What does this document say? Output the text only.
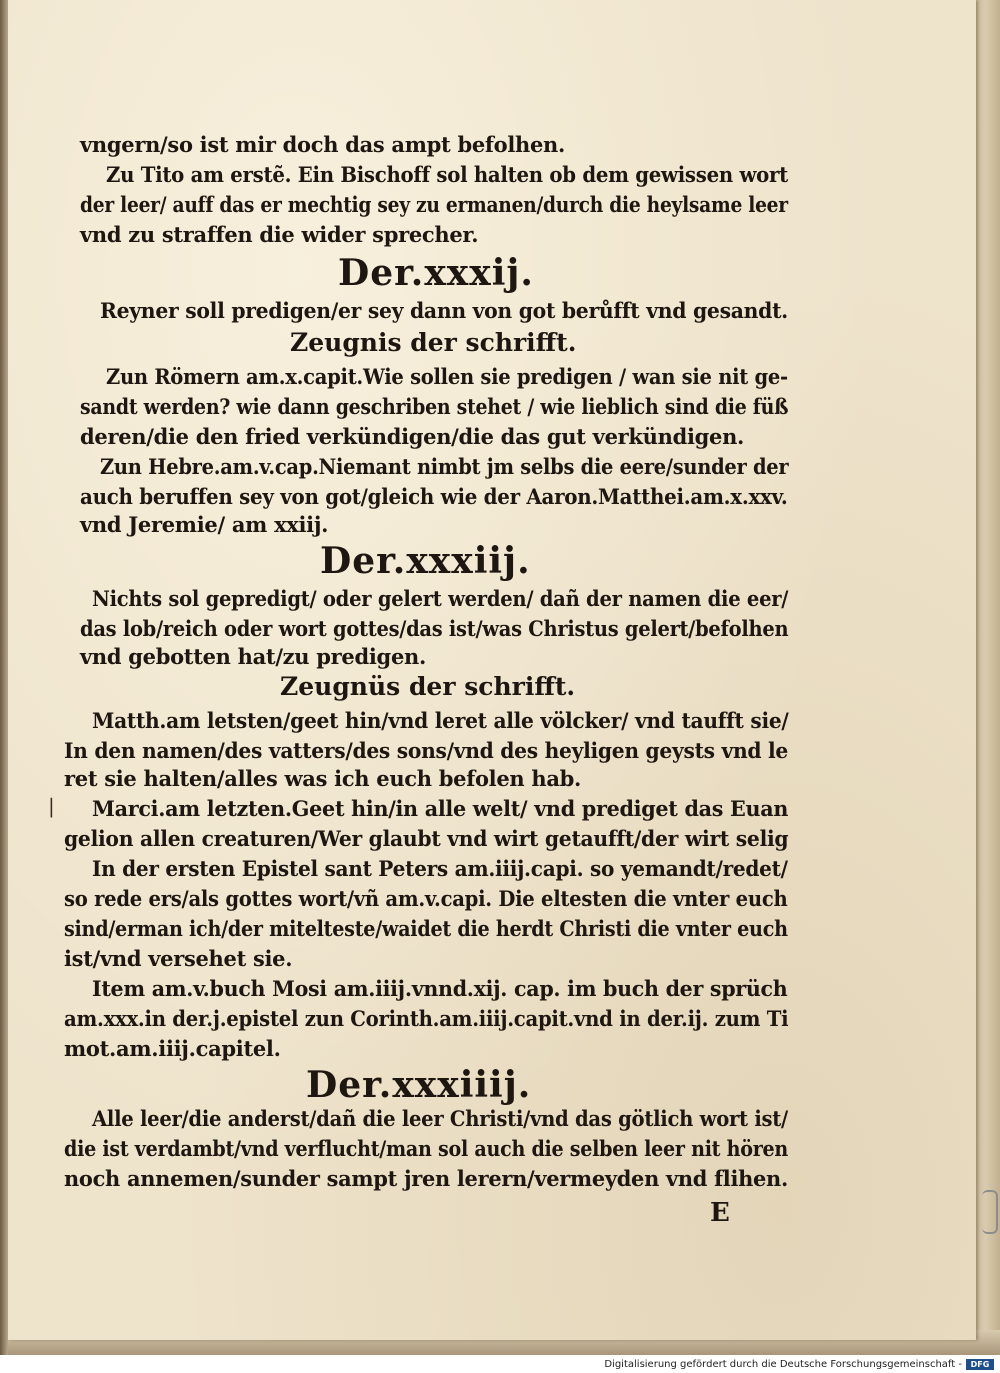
vngern/so ist mir doch das ampt befolhen.
Zu Tito am erstẽ. Ein Bischoff sol halten ob dem gewissen wort
der leer/ auff das er mechtig sey zu ermanen/durch die heylsame leer
vnd zu straffen die wider sprecher.
Der.xxxij.
Reyner soll predigen/er sey dann von got berůfft vnd gesandt.
Zeugnis der schrifft.
Zun Römern am.x.capit.Wie sollen sie predigen / wan sie nit ge-
sandt werden? wie dann geschriben stehet / wie lieblich sind die füß
deren/die den fried verkündigen/die das gut verkündigen.
Zun Hebre.am.v.cap.Niemant nimbt jm selbs die eere/sunder der
auch beruffen sey von got/gleich wie der Aaron.Matthei.am.x.xxv.
vnd Jeremie/ am xxiij.
Der.xxxiij.
Nichts sol gepredigt/ oder gelert werden/ dañ der namen die eer/
das lob/reich oder wort gottes/das ist/was Christus gelert/befolhen
vnd gebotten hat/zu predigen.
Zeugnüs der schrifft.
Matth.am letsten/geet hin/vnd leret alle völcker/ vnd taufft sie/
In den namen/des vatters/des sons/vnd des heyligen geysts vnd le
ret sie halten/alles was ich euch befolen hab.
| Marci.am letzten.Geet hin/in alle welt/ vnd prediget das Euan
gelion allen creaturen/Wer glaubt vnd wirt getaufft/der wirt selig
In der ersten Epistel sant Peters am.iiij.capi. so yemandt/redet/
so rede ers/als gottes wort/vñ am.v.capi. Die eltesten die vnter euch
sind/erman ich/der mitelteste/waidet die herdt Christi die vnter euch
ist/vnd versehet sie.
Item am.v.buch Mosi am.iiij.vnnd.xij. cap. im buch der sprüch
am.xxx.in der.j.epistel zun Corinth.am.iiij.capit.vnd in der.ij. zum Ti
mot.am.iiij.capitel.
Der.xxxiiij.
Alle leer/die anderst/dañ die leer Christi/vnd das götlich wort ist/
die ist verdambt/vnd verflucht/man sol auch die selben leer nit hören
noch annemen/sunder sampt jren lerern/vermeyden vnd flihen.
E
Digitalisierung gefördert durch die Deutsche Forschungsgemeinschaft -	DFG
